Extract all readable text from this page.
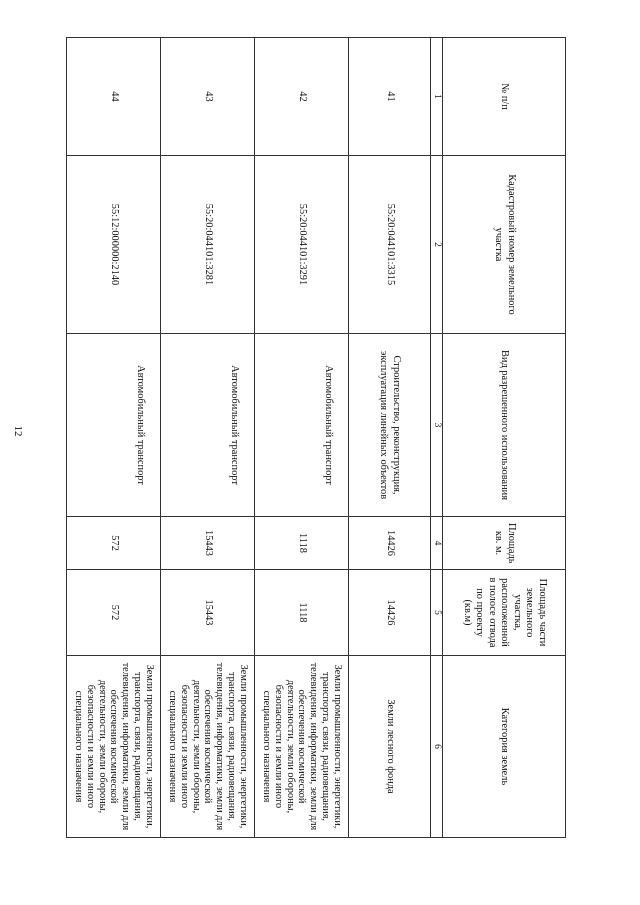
12
№ п/п	Кадастровый номер земельного участка	Вид разрешенного использования	Площадь кв. м.	Площадь части земельного участка, расположенной в полосе отвода по проекту (кв.м)	Категория земель
1	2	3	4	5	6
41	55:20:044101:3315	Строительство, реконструкция, эксплуатация линейных объектов	14426	14426	Земли лесного фонда
42	55:20:044101:3291	Автомобильный транспорт	1118	1118	Земли промышленности, энергетики, транспорта, связи, радиовещания, телевидения, информатики, земли для обеспечения космической деятельности, земли обороны, безопасности и земли иного специального назначения
43	55:20:044101:3281	Автомобильный транспорт	15443	15443	Земли промышленности, энергетики, транспорта, связи, радиовещания, телевидения, информатики, земли для обеспечения космической деятельности, земли обороны, безопасности и земли иного специального назначения
44	55:12:000000:2140	Автомобильный транспорт	572	572	Земли промышленности, энергетики, транспорта, связи, радиовещания, телевидения, информатики, земли для обеспечения космической деятельности, земли обороны, безопасности и земли иного специального назначения
